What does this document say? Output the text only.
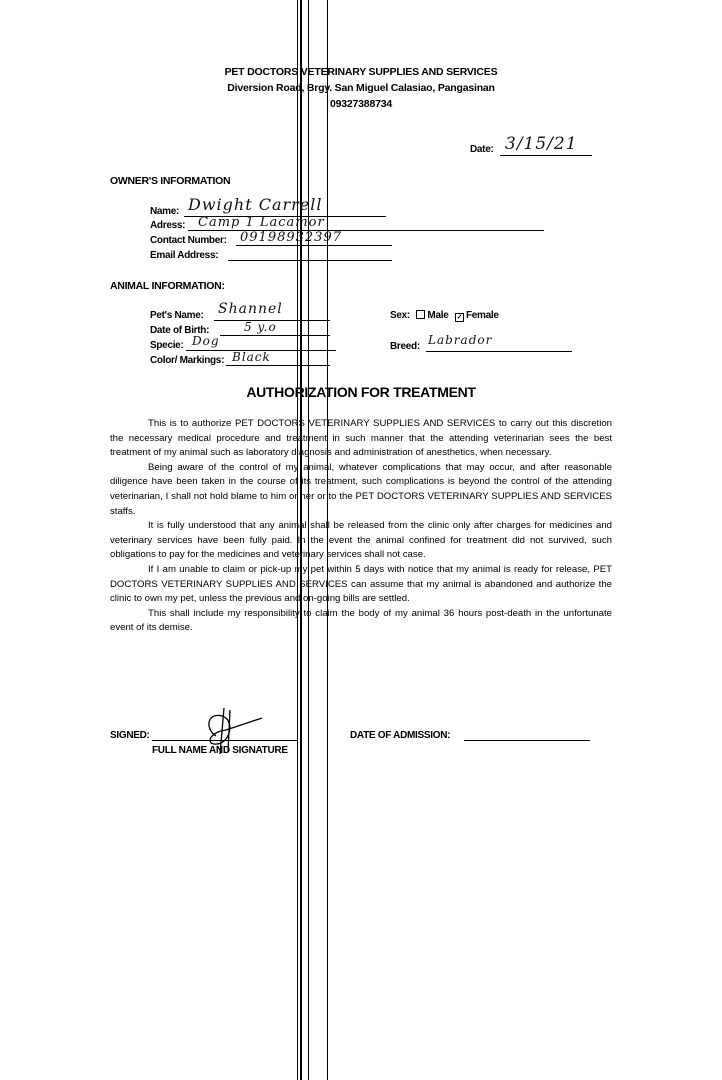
PET DOCTORS VETERINARY SUPPLIES AND SERVICES
Diversion Road, Brgy. San Miguel Calasiao, Pangasinan
09327388734
Date: 3/15/21
OWNER'S INFORMATION
Name: Dwight Carrell
Adress: Camp 1 Lacamor
Contact Number: 09198932397
Email Address:
ANIMAL INFORMATION:
Pet's Name: Shannel
Date of Birth:	5 y.o
Specie: Dog
Color/ Markings: Black
Sex: Male ✓ Female
Breed: Labrador
AUTHORIZATION FOR TREATMENT

This is to authorize PET DOCTORS VETERINARY SUPPLIES AND SERVICES to carry out this discretion the necessary medical procedure and treatment in such manner that the attending veterinarian sees the best treatment of my animal such as laboratory diagnosis and administration of anesthetics, when necessary.

Being aware of the control of my animal, whatever complications that may occur, and after reasonable diligence have been taken in the course of its treatment, such complications is beyond the control of the attending veterinarian, I shall not hold blame to him or her or to the PET DOCTORS VETERINARY SUPPLIES AND SERVICES staffs.

It is fully understood that any animal shall be released from the clinic only after charges for medicines and veterinary services have been fully paid. In the event the animal confined for treatment did not survived, such obligations to pay for the medicines and veterinary services shall not case.

If I am unable to claim or pick-up my pet within 5 days with notice that my animal is ready for release, PET DOCTORS VETERINARY SUPPLIES AND SERVICES can assume that my animal is abandoned and authorize the clinic to own my pet, unless the previous and on-going bills are settled.

This shall include my responsibility to claim the body of my animal 36 hours post-death in the unfortunate event of its demise.

SIGNED:
FULL NAME AND SIGNATURE
DATE OF ADMISSION:
